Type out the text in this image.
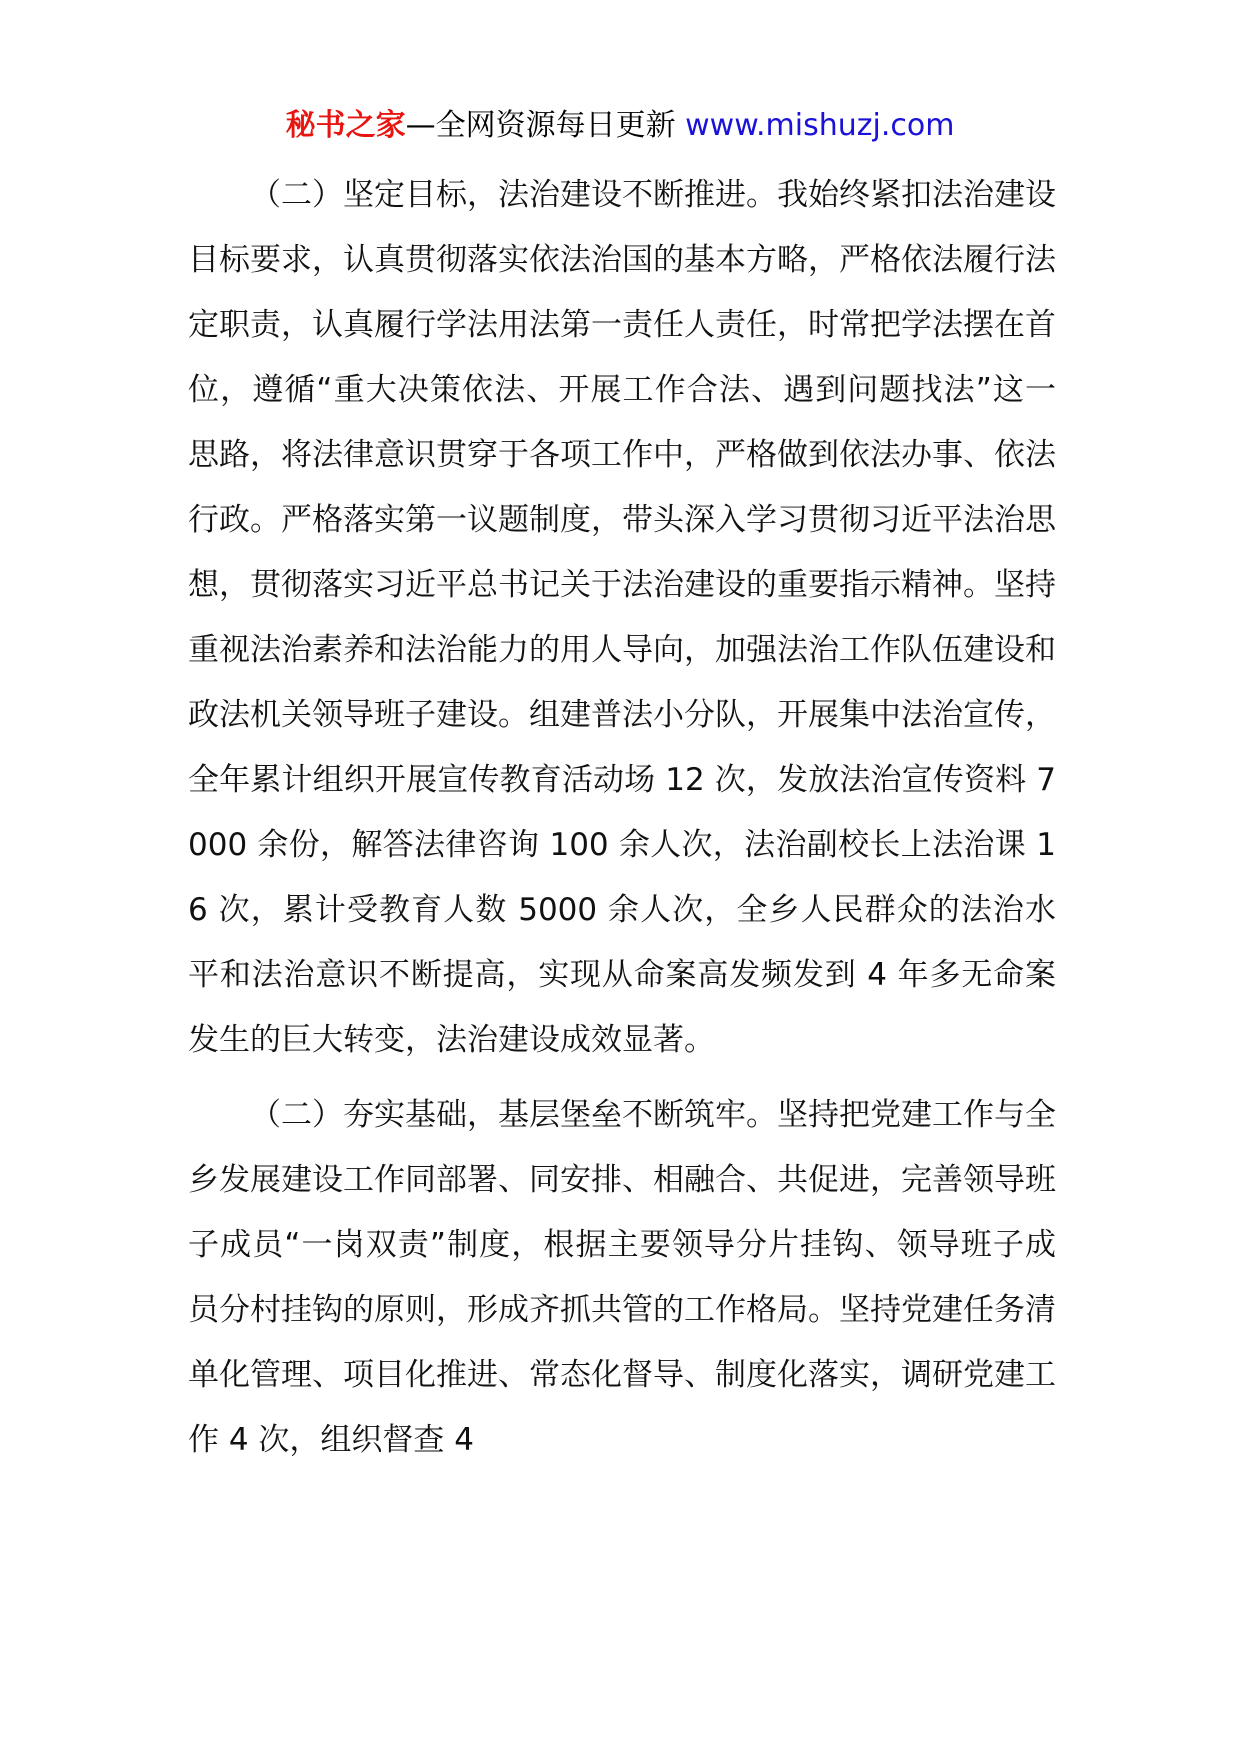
秘书之家—全网资源每日更新 www.mishuzj.com

（二）坚定目标，法治建设不断推进。我始终紧扣法治建设目标要求，认真贯彻落实依法治国的基本方略，严格依法履行法定职责，认真履行学法用法第一责任人责任，时常把学法摆在首位，遵循“重大决策依法、开展工作合法、遇到问题找法”这一思路，将法律意识贯穿于各项工作中，严格做到依法办事、依法行政。严格落实第一议题制度，带头深入学习贯彻习近平法治思想，贯彻落实习近平总书记关于法治建设的重要指示精神。坚持重视法治素养和法治能力的用人导向，加强法治工作队伍建设和政法机关领导班子建设。组建普法小分队，开展集中法治宣传，全年累计组织开展宣传教育活动场 12 次，发放法治宣传资料 7000 余份，解答法律咨询 100 余人次，法治副校长上法治课 16 次，累计受教育人数 5000 余人次，全乡人民群众的法治水平和法治意识不断提高，实现从命案高发频发到 4 年多无命案发生的巨大转变，法治建设成效显著。

（二）夯实基础，基层堡垒不断筑牢。坚持把党建工作与全乡发展建设工作同部署、同安排、相融合、共促进，完善领导班子成员“一岗双责”制度，根据主要领导分片挂钩、领导班子成员分村挂钩的原则，形成齐抓共管的工作格局。坚持党建任务清单化管理、项目化推进、常态化督导、制度化落实，调研党建工作 4 次，组织督查 4
